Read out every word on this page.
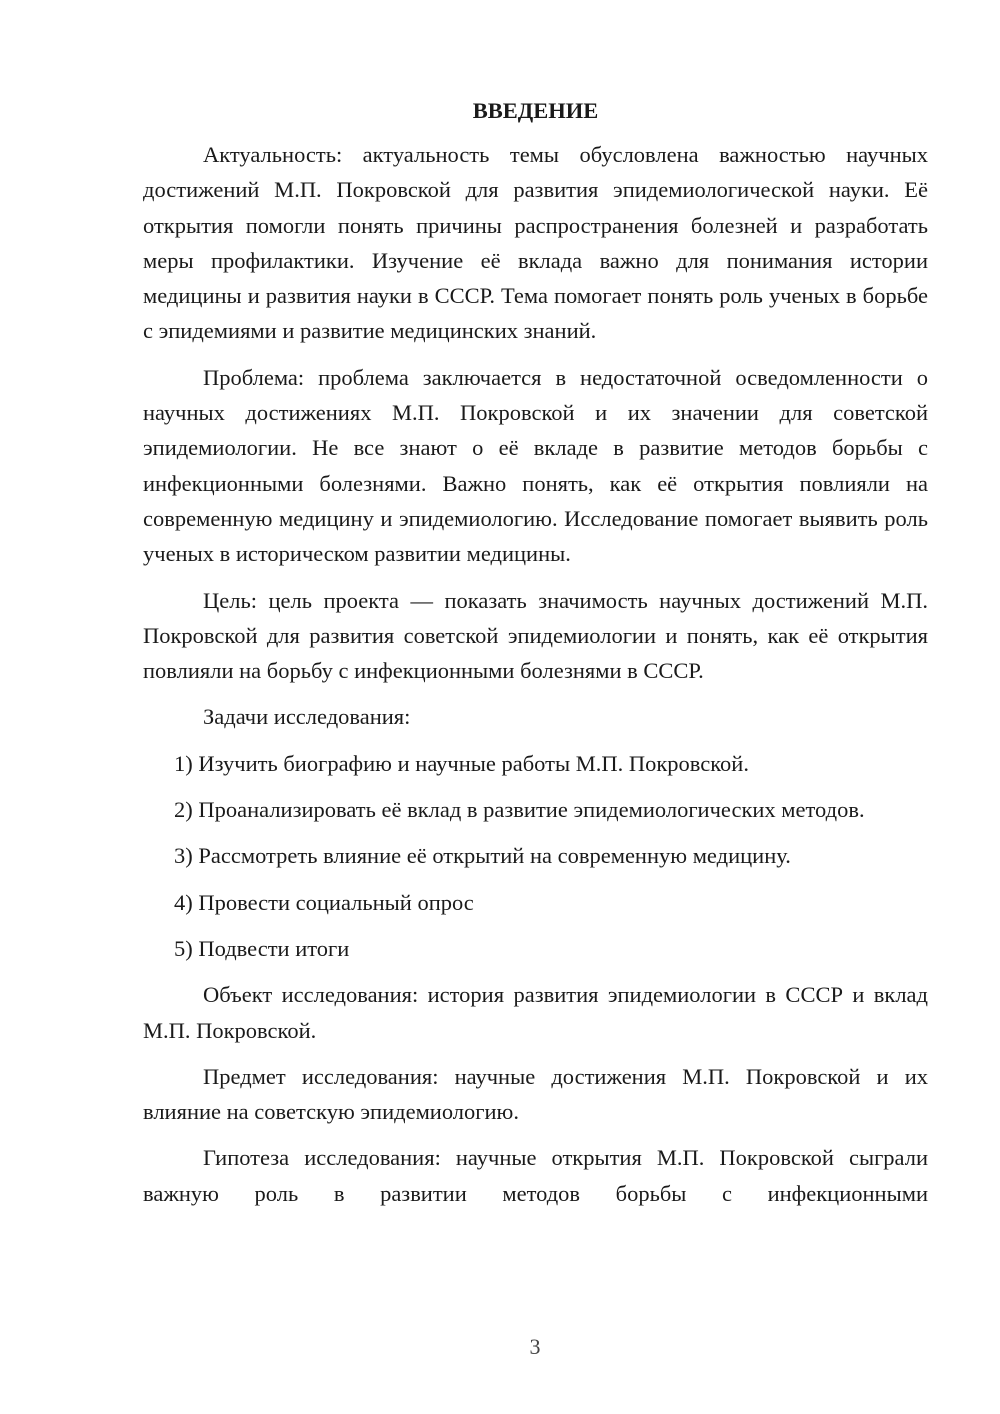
ВВЕДЕНИЕ

Актуальность: актуальность темы обусловлена важностью научных достижений М.П. Покровской для развития эпидемиологической науки. Её открытия помогли понять причины распространения болезней и разработать меры профилактики. Изучение её вклада важно для понимания истории медицины и развития науки в СССР. Тема помогает понять роль ученых в борьбе с эпидемиями и развитие медицинских знаний.

Проблема: проблема заключается в недостаточной осведомленности о научных достижениях М.П. Покровской и их значении для советской эпидемиологии. Не все знают о её вкладе в развитие методов борьбы с инфекционными болезнями. Важно понять, как её открытия повлияли на современную медицину и эпидемиологию. Исследование помогает выявить роль ученых в историческом развитии медицины.

Цель: цель проекта — показать значимость научных достижений М.П. Покровской для развития советской эпидемиологии и понять, как её открытия повлияли на борьбу с инфекционными болезнями в СССР.

Задачи исследования:

1) Изучить биографию и научные работы М.П. Покровской.

2) Проанализировать её вклад в развитие эпидемиологических методов.

3) Рассмотреть влияние её открытий на современную медицину.

4) Провести социальный опрос

5) Подвести итоги

Объект исследования: история развития эпидемиологии в СССР и вклад М.П. Покровской.

Предмет исследования: научные достижения М.П. Покровской и их влияние на советскую эпидемиологию.

Гипотеза исследования: научные открытия М.П. Покровской сыграли важную роль в развитии методов борьбы с инфекционными

3
